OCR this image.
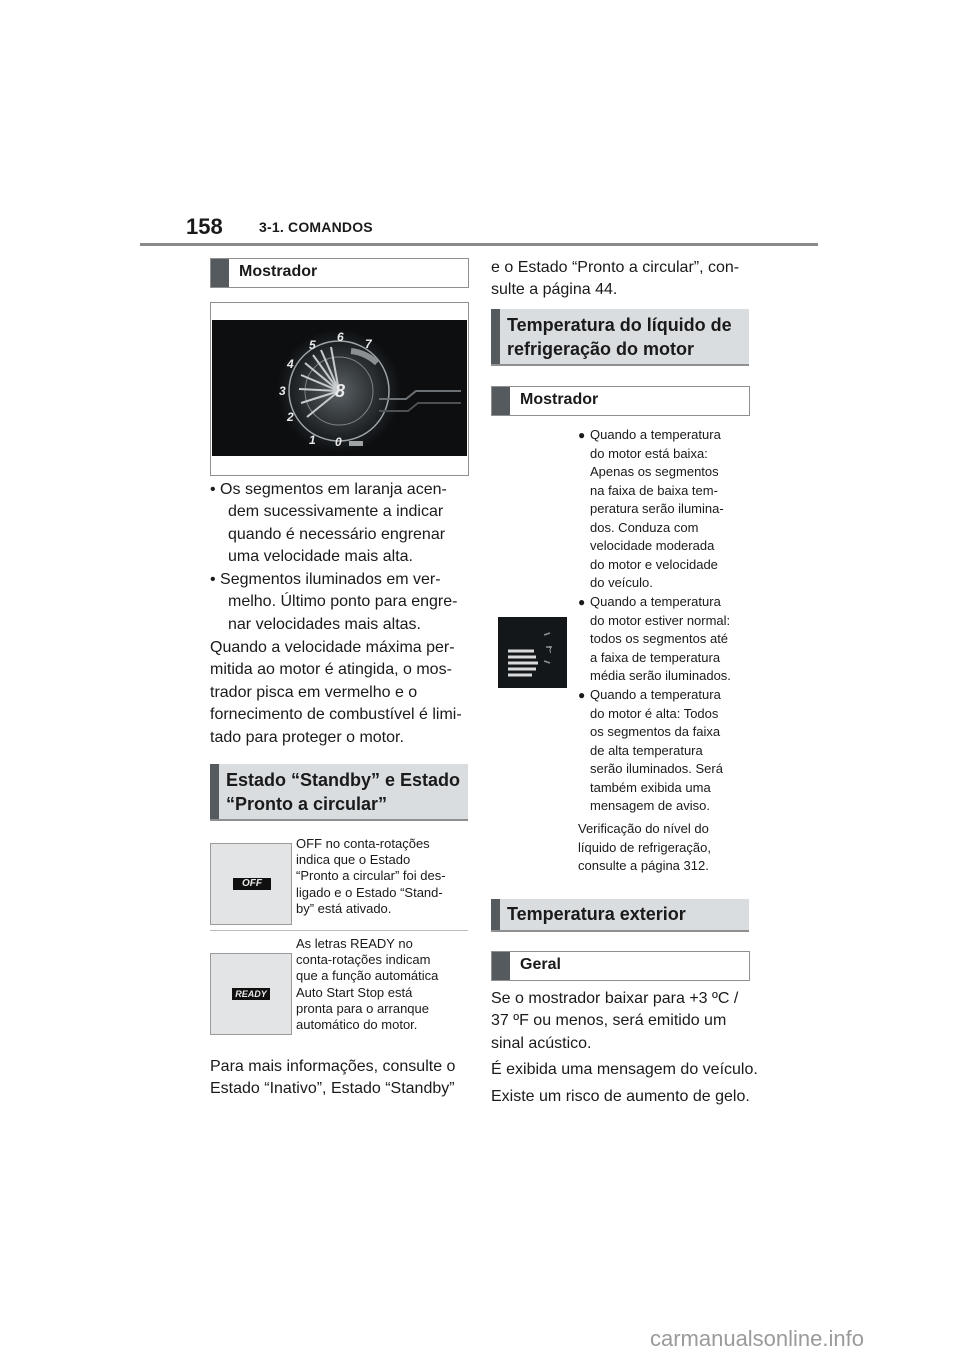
158	3-1. COMANDOS
Mostrador
1
2
3
4
5
6 7
0
8
• Os segmentos em laranja acen-
dem sucessivamente a indicar
quando é necessário engrenar
uma velocidade mais alta.
• Segmentos iluminados em ver-
melho. Último ponto para engre-
nar velocidades mais altas.
Quando a velocidade máxima per-
mitida ao motor é atingida, o mos-
trador pisca em vermelho e o
fornecimento de combustível é limi-
tado para proteger o motor.
Estado “Standby” e Estado
“Pronto a circular”
OFF
OFF no conta-rotações
indica que o Estado
“Pronto a circular” foi des-
ligado e o Estado “Stand-
by” está ativado.
READY
As letras READY no
conta-rotações indicam
que a função automática
Auto Start Stop está
pronta para o arranque
automático do motor.
Para mais informações, consulte o
Estado “Inativo”, Estado “Standby”
e o Estado “Pronto a circular”, con-
sulte a página 44.
Temperatura do líquido de
refrigeração do motor
Mostrador
⌇
● Quando a temperatura
do motor está baixa:
Apenas os segmentos
na faixa de baixa tem-
peratura serão ilumina-
dos. Conduza com
velocidade moderada
do motor e velocidade
do veículo.
● Quando a temperatura
do motor estiver normal:
todos os segmentos até
a faixa de temperatura
média serão iluminados.
● Quando a temperatura
do motor é alta: Todos
os segmentos da faixa
de alta temperatura
serão iluminados. Será
também exibida uma
mensagem de aviso.
Verificação do nível do
líquido de refrigeração,
consulte a página 312.
Temperatura exterior
Geral
Se o mostrador baixar para +3 ºC /
37 ºF ou menos, será emitido um
sinal acústico.
É exibida uma mensagem do veículo.
Existe um risco de aumento de gelo.
carmanualsonline.info
